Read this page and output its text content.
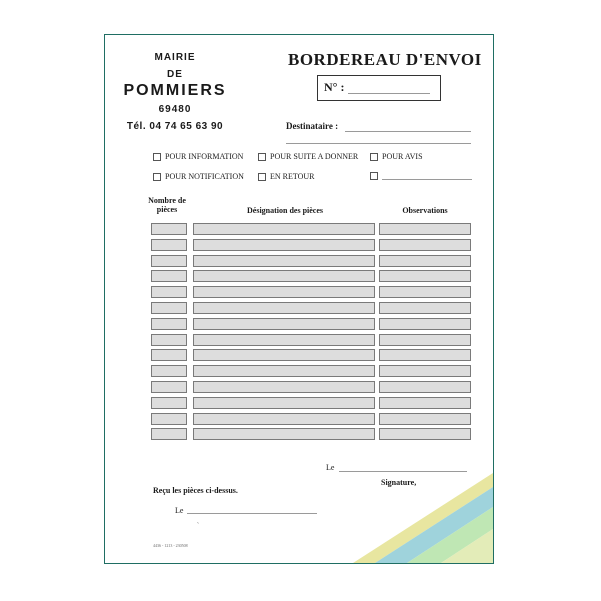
MAIRIE
DE
POMMIERS
69480
Tél. 04 74 65 63 90
BORDEREAU D'ENVOI
N° :
Destinataire :
POUR INFORMATION	POUR SUITE A DONNER	POUR AVIS
POUR NOTIFICATION	EN RETOUR
Nombre de pièces	Désignation des pièces	Observations
Le
Signature,
Reçu les pièces ci-dessus.
Le
`
4436 - 1213 - 230508
